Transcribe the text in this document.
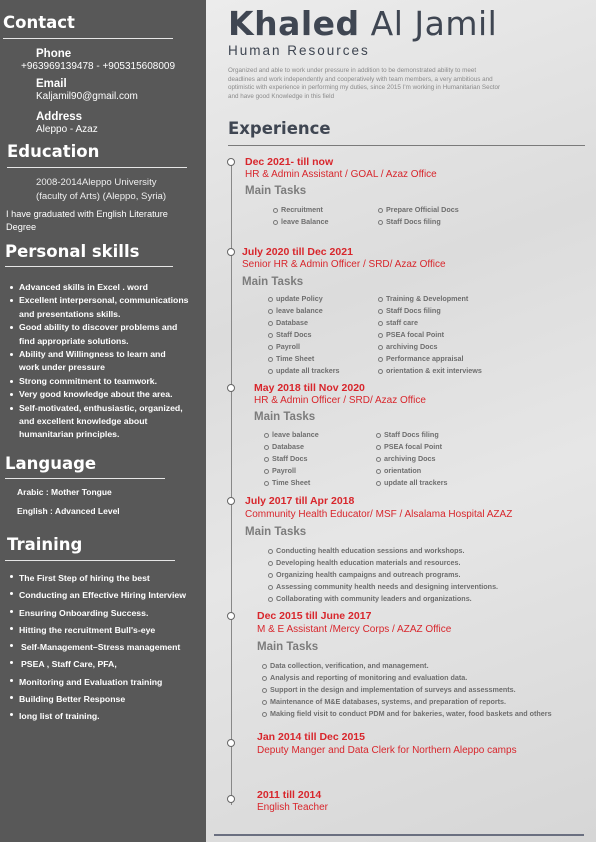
Contact
Phone
+963969139478 - +905315608009
Email
Kaljamil90@gmail.com
Address
Aleppo - Azaz
Education
2008-2014Aleppo University
(faculty of Arts) (Aleppo, Syria)
I have graduated with English Literature
Degree
Personal skills
Advanced skills in Excel . word
Excellent interpersonal, communications
and presentations skills.
Good ability to discover problems and
find appropriate solutions.
Ability and Willingness to learn and
work under pressure
Strong commitment to teamwork.
Very good knowledge about the area.
Self-motivated, enthusiastic, organized,
and excellent knowledge about
humanitarian principles.
Language
Arabic : Mother Tongue
English : Advanced Level
Training
The First Step of hiring the best
Conducting an Effective Hiring Interview
Ensuring Onboarding Success.
Hitting the recruitment Bull's-eye
Self-Management–Stress management
PSEA , Staff Care, PFA,
Monitoring and Evaluation training
Building Better Response
long list of training.
Khaled Al Jamil
Human Resources
Organized and able to work under pressure in addition to be demonstrated ability to meet
deadlines and work independently and cooperatively with team members, a very ambitious and
optimistic with experience in performing my duties, since 2015 I'm working in Humanitarian Sector
and have good Knowledge in this field
Experience
Dec 2021- till now
HR & Admin Assistant / GOAL / Azaz Office
Main Tasks
Recruitment
leave Balance
Prepare Official Docs
Staff Docs filing
July 2020 till Dec 2021
Senior HR & Admin Officer / SRD/ Azaz Office
Main Tasks
update Policy
leave balance
Database
Staff Docs
Payroll
Time Sheet
update all trackers
Training & Development
Staff Docs filing
staff care
PSEA focal Point
archiving Docs
Performance appraisal
orientation & exit interviews
May 2018 till Nov 2020
HR & Admin Officer / SRD/ Azaz Office
Main Tasks
leave balance
Database
Staff Docs
Payroll
Time Sheet
Staff Docs filing
PSEA focal Point
archiving Docs
orientation
update all trackers
July 2017 till Apr 2018
Community Health Educator/ MSF / Alsalama Hospital AZAZ
Main Tasks
Conducting health education sessions and workshops.
Developing health education materials and resources.
Organizing health campaigns and outreach programs.
Assessing community health needs and designing interventions.
Collaborating with community leaders and organizations.
Dec 2015 till June 2017
M & E Assistant /Mercy Corps / AZAZ Office
Main Tasks
Data collection, verification, and management.
Analysis and reporting of monitoring and evaluation data.
Support in the design and implementation of surveys and assessments.
Maintenance of M&E databases, systems, and preparation of reports.
Making field visit to conduct PDM and for bakeries, water, food baskets and others
Jan 2014 till Dec 2015
Deputy Manger and Data Clerk for Northern Aleppo camps
2011 till 2014
English Teacher
